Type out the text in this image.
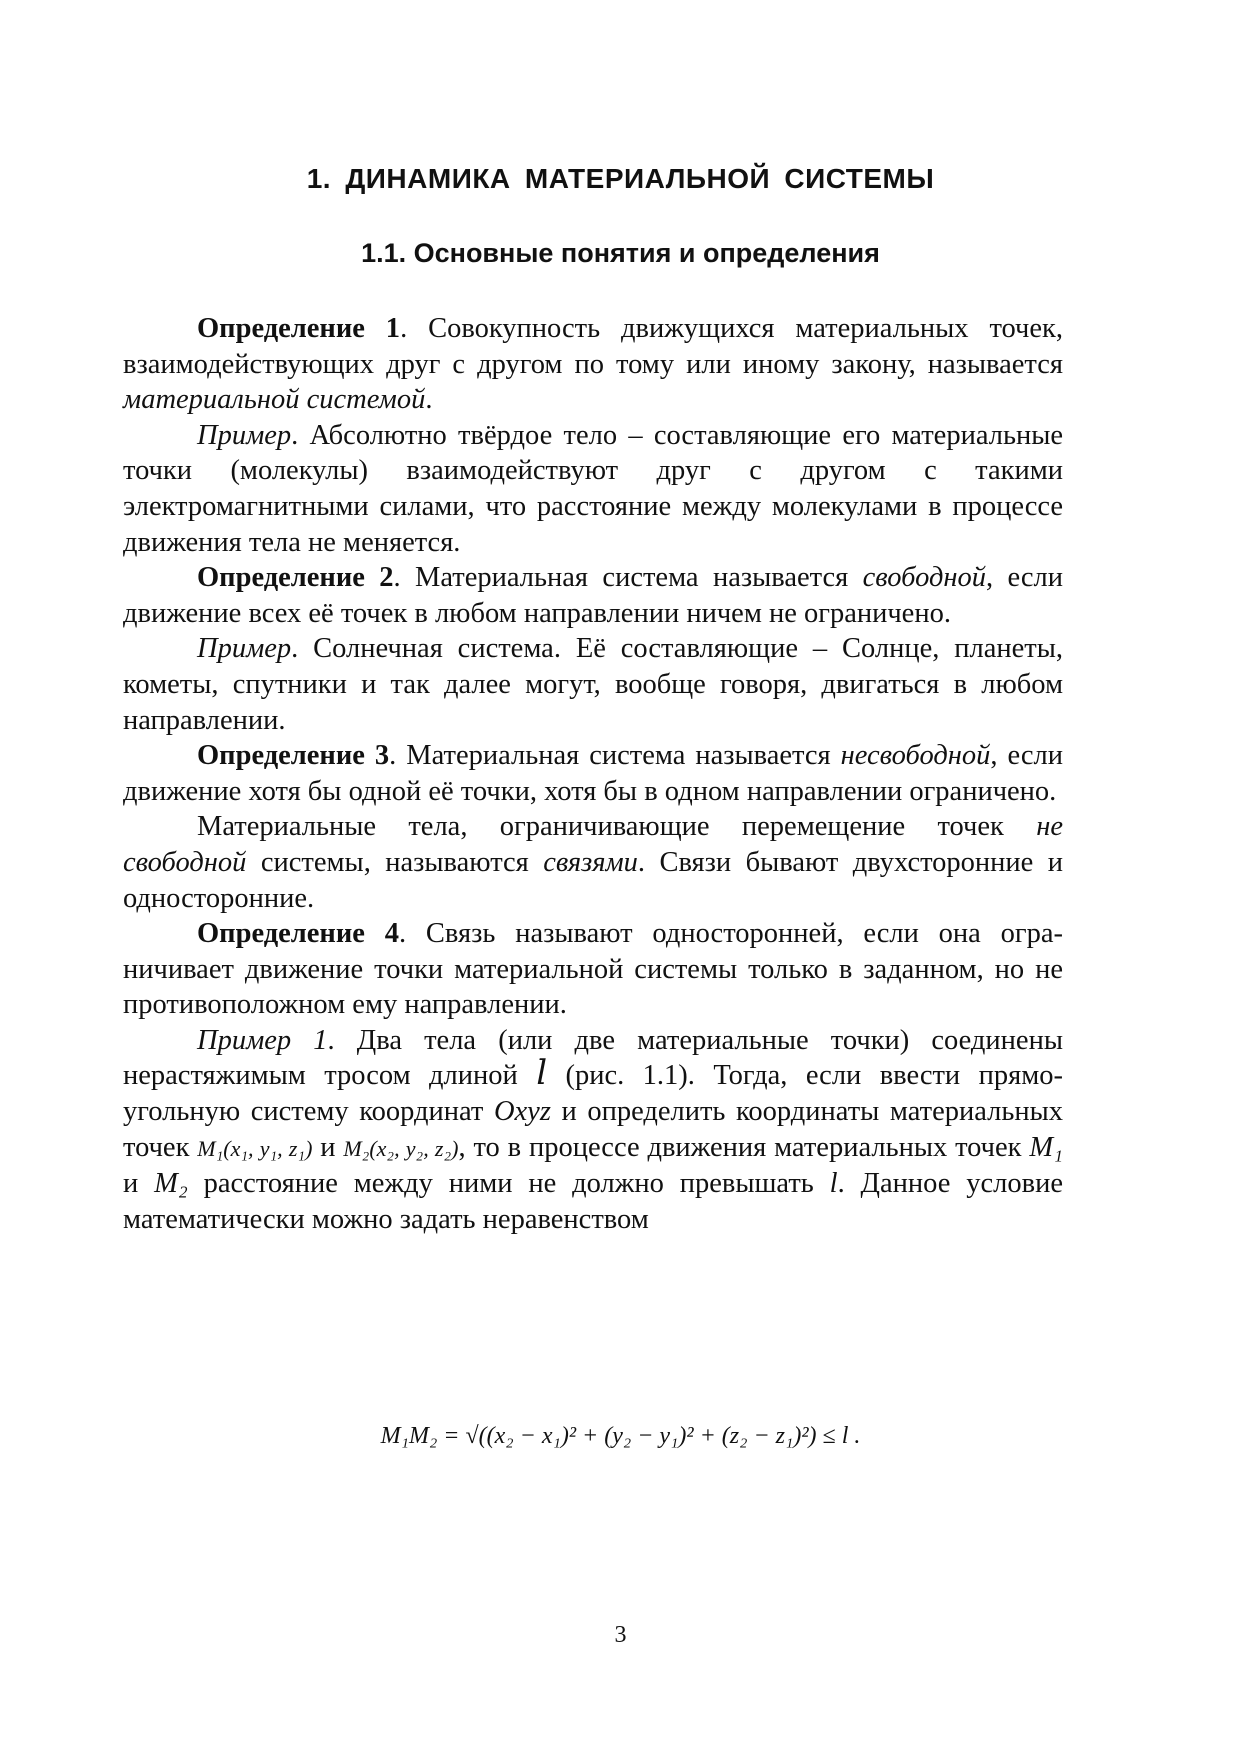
1. ДИНАМИКА МАТЕРИАЛЬНОЙ СИСТЕМЫ
1.1. Основные понятия и определения

Определение 1. Совокупность движущихся материальных точек, взаимодействующих друг с другом по тому или иному закону, называется материальной системой.

Пример. Абсолютно твёрдое тело – составляющие его материальные точки (молекулы) взаимодействуют друг с другом с такими электромагнитными силами, что расстояние между молекулами в процессе движения тела не меняется.

Определение 2. Материальная система называется свободной, если движение всех её точек в любом направлении ничем не ограничено.

Пример. Солнечная система. Её составляющие – Солнце, планеты, кометы, спутники и так далее могут, вообще говоря, двигаться в любом направлении.

Определение 3. Материальная система называется несвободной, если движение хотя бы одной её точки, хотя бы в одном направлении ограничено.

Материальные тела, ограничивающие перемещение точек не свободной системы, называются связями. Связи бывают двухсторонние и односторонние.

Определение 4. Связь называют односторонней, если она ограничивает движение точки материальной системы только в заданном, но не противоположном ему направлении.

Пример 1. Два тела (или две материальные точки) соединены нерастяжимым тросом длиной l (рис. 1.1). Тогда, если ввести прямоугольную систему координат Oxyz и определить координаты материальных точек M₁(x₁, y₁, z₁) и M₂(x₂, y₂, z₂), то в процессе движения материальных точек M₁ и M₂ расстояние между ними не должно превышать l. Данное условие математически можно задать неравенством

M₁M₂ = √((x₂ − x₁)² + (y₂ − y₁)² + (z₂ − z₁)²) ≤ l .
3
